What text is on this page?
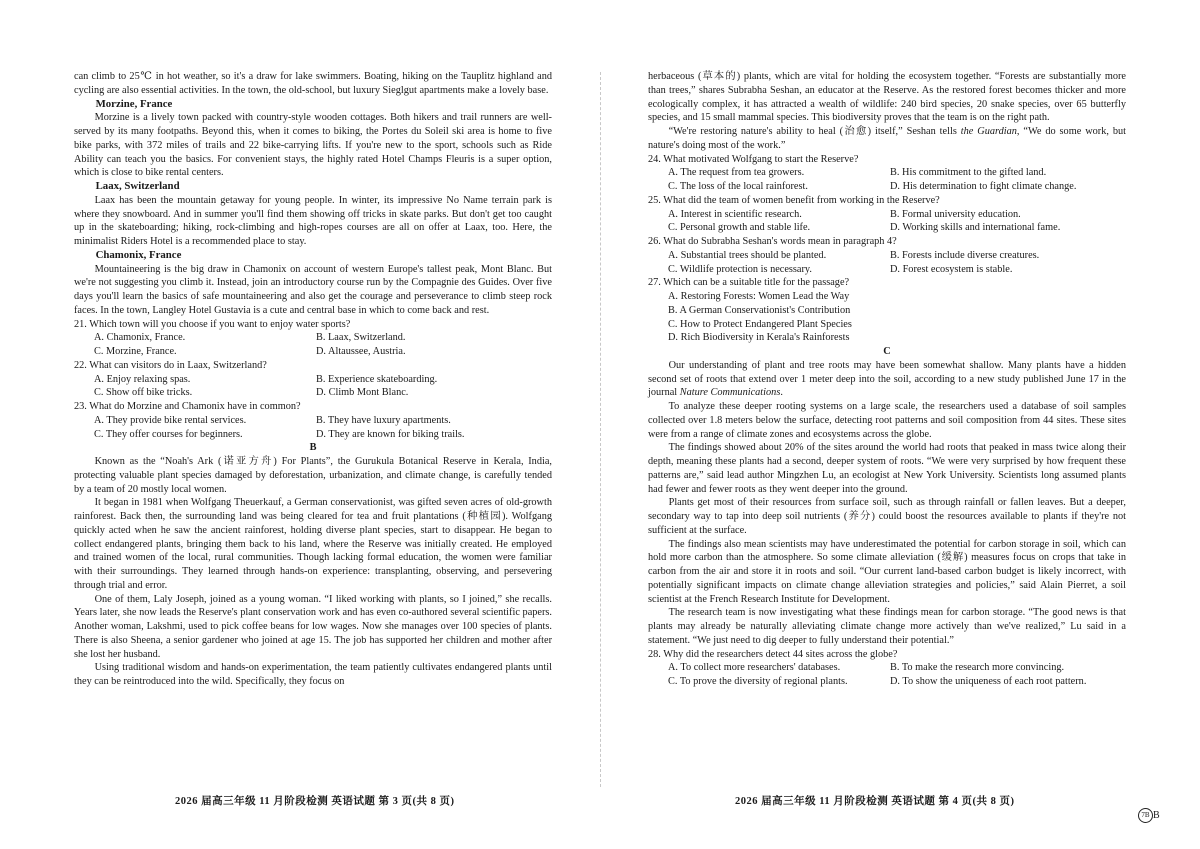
can climb to 25℃ in hot weather, so it's a draw for lake swimmers. Boating, hiking on the Tauplitz highland and cycling are also essential activities. In the town, the old-school, but luxury Sieglgut apartments make a lovely base.

Morzine, France

Morzine is a lively town packed with country-style wooden cottages. Both hikers and trail runners are well-served by its many footpaths. Beyond this, when it comes to biking, the Portes du Soleil ski area is home to five bike parks, with 372 miles of trails and 22 bike-carrying lifts. If you're new to the sport, schools such as Ride Ability can teach you the basics. For convenient stays, the highly rated Hotel Champs Fleuris is a super option, which is close to bike rental centers.

Laax, Switzerland

Laax has been the mountain getaway for young people. In winter, its impressive No Name terrain park is where they snowboard. And in summer you'll find them showing off tricks in skate parks. But don't get too caught up in the skateboarding; hiking, rock-climbing and high-ropes courses are all on offer at Laax, too. Here, the minimalist Riders Hotel is a recommended place to stay.

Chamonix, France

Mountaineering is the big draw in Chamonix on account of western Europe's tallest peak, Mont Blanc. But we're not suggesting you climb it. Instead, join an introductory course run by the Compagnie des Guides. Over five days you'll learn the basics of safe mountaineering and also get the courage and perseverance to climb steep rock faces. In the town, Langley Hotel Gustavia is a cute and central base in which to come back and rest.

21. Which town will you choose if you want to enjoy water sports?

A. Chamonix, France.	B. Laax, Switzerland.
C. Morzine, France.	D. Altaussee, Austria.

22. What can visitors do in Laax, Switzerland?

A. Enjoy relaxing spas.	B. Experience skateboarding.
C. Show off bike tricks.	D. Climb Mont Blanc.

23. What do Morzine and Chamonix have in common?

A. They provide bike rental services.	B. They have luxury apartments.
C. They offer courses for beginners.	D. They are known for biking trails.

B

Known as the “Noah's Ark (诺亚方舟) For Plants”, the Gurukula Botanical Reserve in Kerala, India, protecting valuable plant species damaged by deforestation, urbanization, and climate change, is carefully tended by a team of 20 mostly local women.

It began in 1981 when Wolfgang Theuerkauf, a German conservationist, was gifted seven acres of old-growth rainforest. Back then, the surrounding land was being cleared for tea and fruit plantations (种植园). Wolfgang quickly acted when he saw the ancient rainforest, holding diverse plant species, start to disappear. He began to collect endangered plants, bringing them back to his land, where the Reserve was initially created. He employed and trained women of the local, rural communities. Though lacking formal education, the women were familiar with their surroundings. They learned through hands-on experience: transplanting, observing, and persevering through trial and error.

One of them, Laly Joseph, joined as a young woman. “I liked working with plants, so I joined,” she recalls. Years later, she now leads the Reserve's plant conservation work and has even co-authored several scientific papers. Another woman, Lakshmi, used to pick coffee beans for low wages. Now she manages over 100 species of plants. There is also Sheena, a senior gardener who joined at age 15. The job has supported her children and mother after she lost her husband.

Using traditional wisdom and hands-on experimentation, the team patiently cultivates endangered plants until they can be reintroduced into the wild. Specifically, they focus on

herbaceous (草本的) plants, which are vital for holding the ecosystem together. “Forests are substantially more than trees,” shares Subrabha Seshan, an educator at the Reserve. As the restored forest becomes thicker and more ecologically complex, it has attracted a wealth of wildlife: 240 bird species, 20 snake species, over 65 butterfly species, and 15 small mammal species. This biodiversity proves that the team is on the right path.

“We're restoring nature's ability to heal (治愈) itself,” Seshan tells the Guardian, “We do some work, but nature's doing most of the work.”

24. What motivated Wolfgang to start the Reserve?

A. The request from tea growers.	B. His commitment to the gifted land.
C. The loss of the local rainforest.	D. His determination to fight climate change.

25. What did the team of women benefit from working in the Reserve?

A. Interest in scientific research.	B. Formal university education.
C. Personal growth and stable life.	D. Working skills and international fame.

26. What do Subrabha Seshan's words mean in paragraph 4?

A. Substantial trees should be planted.	B. Forests include diverse creatures.
C. Wildlife protection is necessary.	D. Forest ecosystem is stable.

27. Which can be a suitable title for the passage?

A. Restoring Forests: Women Lead the Way
B. A German Conservationist's Contribution
C. How to Protect Endangered Plant Species
D. Rich Biodiversity in Kerala's Rainforests

C

Our understanding of plant and tree roots may have been somewhat shallow. Many plants have a hidden second set of roots that extend over 1 meter deep into the soil, according to a new study published June 17 in the journal Nature Communications.

To analyze these deeper rooting systems on a large scale, the researchers used a database of soil samples collected over 1.8 meters below the surface, detecting root patterns and soil composition from 44 sites. These sites were from a range of climate zones and ecosystems across the globe.

The findings showed about 20% of the sites around the world had roots that peaked in mass twice along their depth, meaning these plants had a second, deeper system of roots. “We were very surprised by how frequent these patterns are,” said lead author Mingzhen Lu, an ecologist at New York University. Scientists long assumed plants had fewer and fewer roots as they went deeper into the ground.

Plants get most of their resources from surface soil, such as through rainfall or fallen leaves. But a deeper, secondary way to tap into deep soil nutrients (养分) could boost the resources available to plants if they're not sufficient at the surface.

The findings also mean scientists may have underestimated the potential for carbon storage in soil, which can hold more carbon than the atmosphere. So some climate alleviation (缓解) measures focus on crops that take in carbon from the air and store it in roots and soil. “Our current land-based carbon budget is likely incorrect, with potentially significant impacts on climate change alleviation strategies and policies,” said Alain Pierret, a soil scientist at the French Research Institute for Development.

The research team is now investigating what these findings mean for carbon storage. “The good news is that plants may already be naturally alleviating climate change more actively than we've realized,” Lu said in a statement. “We just need to dig deeper to fully understand their potential.”

28. Why did the researchers detect 44 sites across the globe?

A. To collect more researchers' databases.	B. To make the research more convincing.
C. To prove the diversity of regional plants.	D. To show the uniqueness of each root pattern.
2026 届高三年级 11 月阶段检测 英语试题 第 3 页(共 8 页)	2026 届高三年级 11 月阶段检测 英语试题 第 4 页(共 8 页)
7B B
